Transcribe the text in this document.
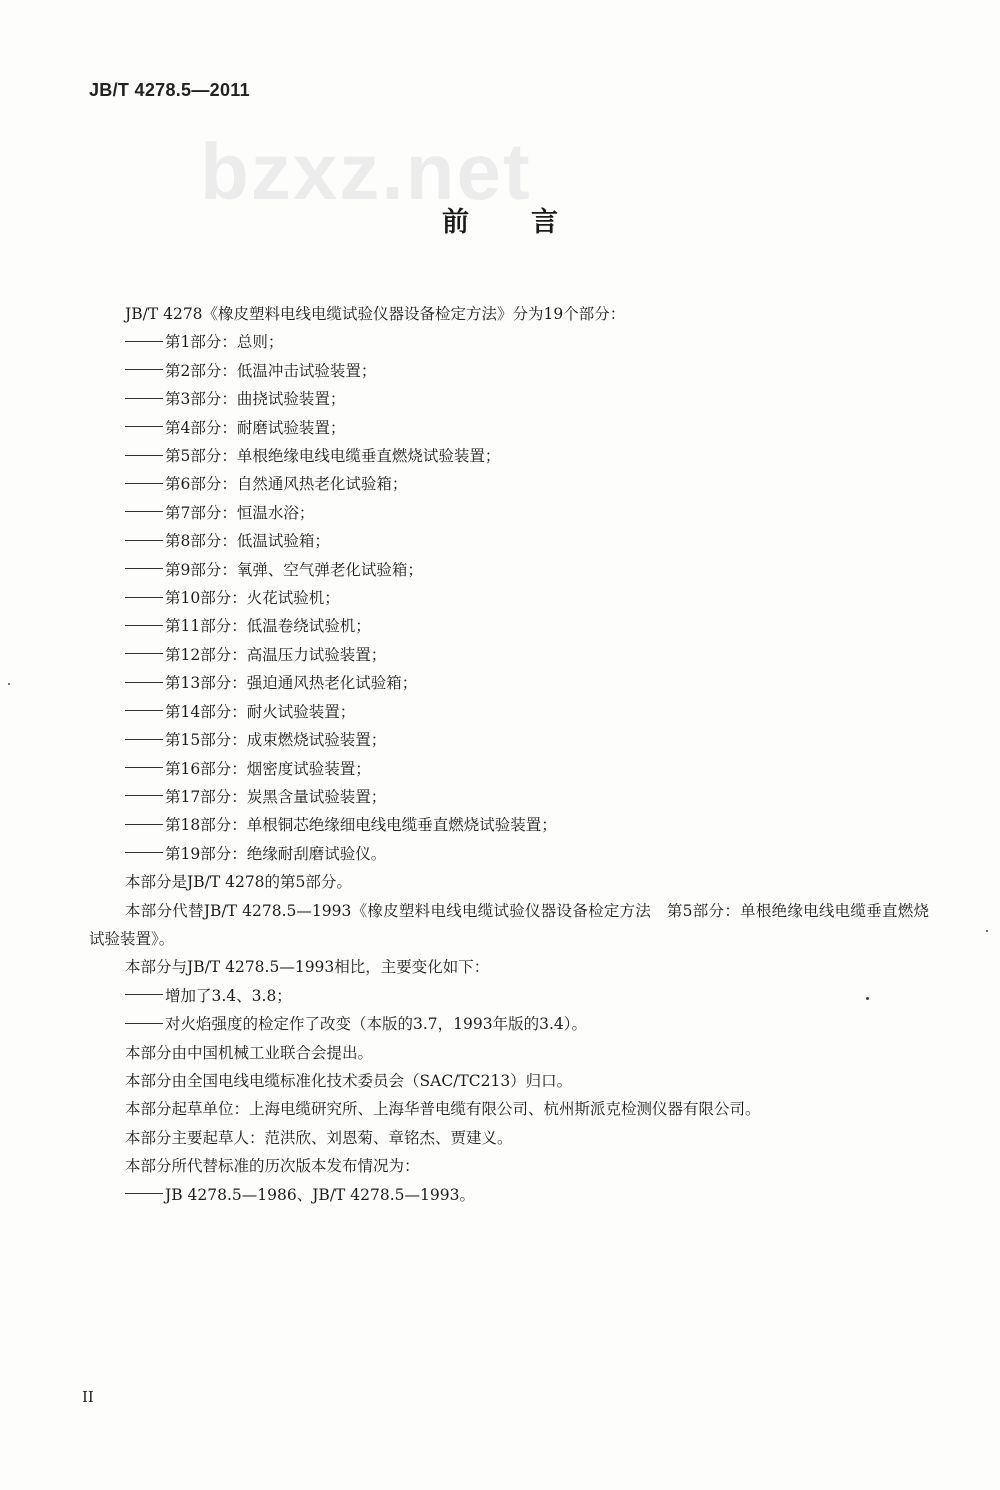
JB/T 4278.5—2011
bzxz.net
前言

JB/T 4278《橡皮塑料电线电缆试验仪器设备检定方法》分为19个部分：

第1部分：总则；

第2部分：低温冲击试验装置；

第3部分：曲挠试验装置；

第4部分：耐磨试验装置；

第5部分：单根绝缘电线电缆垂直燃烧试验装置；

第6部分：自然通风热老化试验箱；

第7部分：恒温水浴；

第8部分：低温试验箱；

第9部分：氧弹、空气弹老化试验箱；

第10部分：火花试验机；

第11部分：低温卷绕试验机；

第12部分：高温压力试验装置；

第13部分：强迫通风热老化试验箱；

第14部分：耐火试验装置；

第15部分：成束燃烧试验装置；

第16部分：烟密度试验装置；

第17部分：炭黑含量试验装置；

第18部分：单根铜芯绝缘细电线电缆垂直燃烧试验装置；

第19部分：绝缘耐刮磨试验仪。

本部分是JB/T 4278的第5部分。

本部分代替JB/T 4278.5—1993《橡皮塑料电线电缆试验仪器设备检定方法　第5部分：单根绝缘电线电缆垂直燃烧试验装置》。

本部分与JB/T 4278.5—1993相比，主要变化如下：

增加了3.4、3.8；

对火焰强度的检定作了改变（本版的3.7，1993年版的3.4）。

本部分由中国机械工业联合会提出。

本部分由全国电线电缆标准化技术委员会（SAC/TC213）归口。

本部分起草单位：上海电缆研究所、上海华普电缆有限公司、杭州斯派克检测仪器有限公司。

本部分主要起草人：范洪欣、刘恩菊、章铭杰、贾建义。

本部分所代替标准的历次版本发布情况为：

JB 4278.5—1986、JB/T 4278.5—1993。

II
